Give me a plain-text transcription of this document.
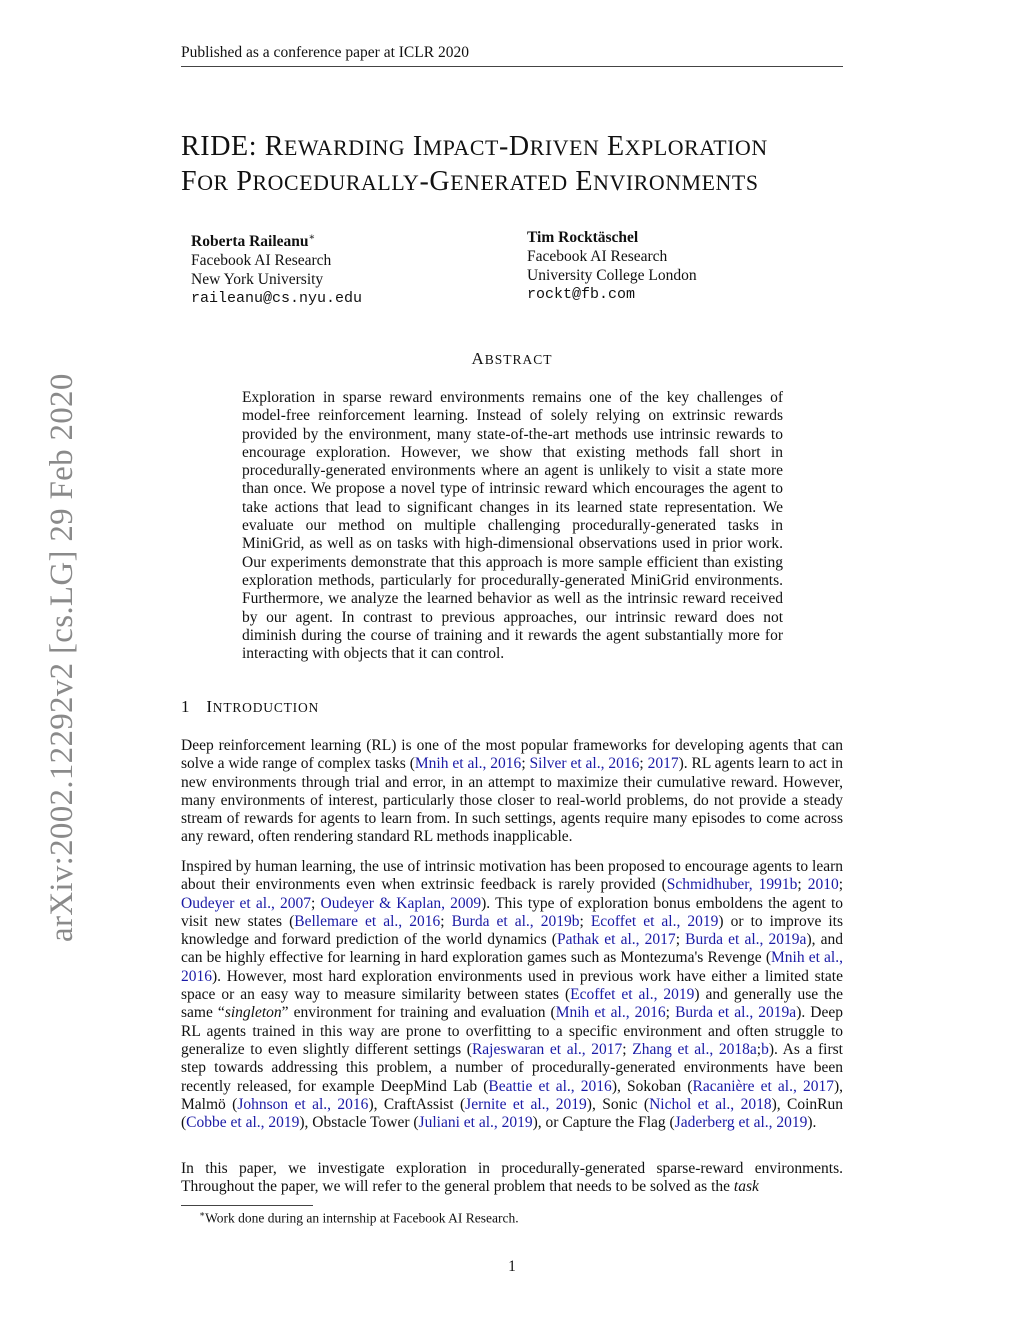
Published as a conference paper at ICLR 2020
arXiv:2002.12292v2 [cs.LG] 29 Feb 2020
RIDE: REWARDING IMPACT-DRIVEN EXPLORATION
FOR PROCEDURALLY-GENERATED ENVIRONMENTS
Roberta Raileanu∗
Facebook AI Research
New York University
raileanu@cs.nyu.edu
Tim Rocktäschel
Facebook AI Research
University College London
rockt@fb.com
ABSTRACT

Exploration in sparse reward environments remains one of the key challenges of model-free reinforcement learning. Instead of solely relying on extrinsic rewards provided by the environment, many state-of-the-art methods use intrinsic rewards to encourage exploration. However, we show that existing methods fall short in procedurally-generated environments where an agent is unlikely to visit a state more than once. We propose a novel type of intrinsic reward which encourages the agent to take actions that lead to significant changes in its learned state representation. We evaluate our method on multiple challenging procedurally-generated tasks in MiniGrid, as well as on tasks with high-dimensional observations used in prior work. Our experiments demonstrate that this approach is more sample efficient than existing exploration methods, particularly for procedurally-generated MiniGrid environments. Furthermore, we analyze the learned behavior as well as the intrinsic reward received by our agent. In contrast to previous approaches, our intrinsic reward does not diminish during the course of training and it rewards the agent substantially more for interacting with objects that it can control.

1 INTRODUCTION

Deep reinforcement learning (RL) is one of the most popular frameworks for developing agents that can solve a wide range of complex tasks (Mnih et al., 2016; Silver et al., 2016; 2017). RL agents learn to act in new environments through trial and error, in an attempt to maximize their cumulative reward. However, many environments of interest, particularly those closer to real-world problems, do not provide a steady stream of rewards for agents to learn from. In such settings, agents require many episodes to come across any reward, often rendering standard RL methods inapplicable.

Inspired by human learning, the use of intrinsic motivation has been proposed to encourage agents to learn about their environments even when extrinsic feedback is rarely provided (Schmidhuber, 1991b; 2010; Oudeyer et al., 2007; Oudeyer & Kaplan, 2009). This type of exploration bonus emboldens the agent to visit new states (Bellemare et al., 2016; Burda et al., 2019b; Ecoffet et al., 2019) or to improve its knowledge and forward prediction of the world dynamics (Pathak et al., 2017; Burda et al., 2019a), and can be highly effective for learning in hard exploration games such as Montezuma's Revenge (Mnih et al., 2016). However, most hard exploration environments used in previous work have either a limited state space or an easy way to measure similarity between states (Ecoffet et al., 2019) and generally use the same “singleton” environment for training and evaluation (Mnih et al., 2016; Burda et al., 2019a). Deep RL agents trained in this way are prone to overfitting to a specific environment and often struggle to generalize to even slightly different settings (Rajeswaran et al., 2017; Zhang et al., 2018a;b). As a first step towards addressing this problem, a number of procedurally-generated environments have been recently released, for example DeepMind Lab (Beattie et al., 2016), Sokoban (Racanière et al., 2017), Malmö (Johnson et al., 2016), CraftAssist (Jernite et al., 2019), Sonic (Nichol et al., 2018), CoinRun (Cobbe et al., 2019), Obstacle Tower (Juliani et al., 2019), or Capture the Flag (Jaderberg et al., 2019).

In this paper, we investigate exploration in procedurally-generated sparse-reward environments. Throughout the paper, we will refer to the general problem that needs to be solved as the task

∗Work done during an internship at Facebook AI Research.
1
